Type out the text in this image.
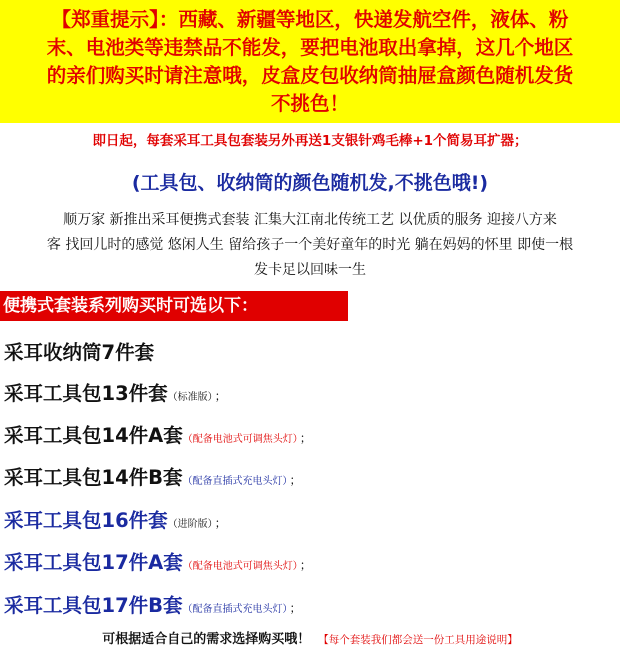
【郑重提示】：西藏、新疆等地区，快递发航空件，液体、粉
末、电池类等违禁品不能发，要把电池取出拿掉，这几个地区
的亲们购买时请注意哦，皮盒皮包收纳筒抽屉盒颜色随机发货
不挑色！
即日起，每套采耳工具包套装另外再送1支银针鸡毛棒+1个简易耳扩器；
(工具包、收纳筒的颜色随机发,不挑色哦!)
顺万家 新推出采耳便携式套装 汇集大江南北传统工艺 以优质的服务 迎接八方来
客 找回儿时的感觉 悠闲人生 留给孩子一个美好童年的时光 躺在妈妈的怀里 即使一根
发卡足以回味一生
便携式套装系列购买时可选以下：
采耳收纳筒7件套
采耳工具包13件套（标准版） ；
采耳工具包14件A套（配备电池式可调焦头灯） ；
采耳工具包14件B套（配备直插式充电头灯） ；
采耳工具包16件套（进阶版） ；
采耳工具包17件A套（配备电池式可调焦头灯） ；
采耳工具包17件B套（配备直插式充电头灯） ；
可根据适合自己的需求选择购买哦！ 【每个套装我们都会送一份工具用途说明】
